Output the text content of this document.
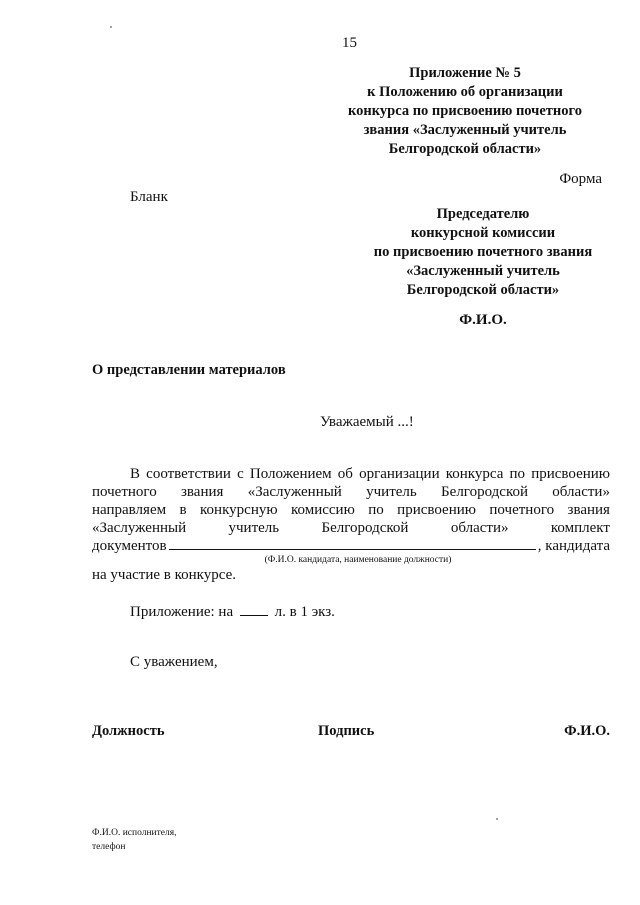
15
Приложение № 5
к Положению об организации
конкурса по присвоению почетного
звания «Заслуженный учитель
Белгородской области»
Форма
Бланк
Председателю
конкурсной комиссии
по присвоению почетного звания
«Заслуженный учитель
Белгородской области»
Ф.И.О.
О представлении материалов
Уважаемый ...!
В соответствии с Положением об организации конкурса по присвоению
почетного звания «Заслуженный учитель Белгородской области»
направляем в конкурсную комиссию по присвоению почетного звания
«Заслуженный	учитель	Белгородской	области»	комплект
документов	, кандидата
(Ф.И.О. кандидата, наименование должности)
на участие в конкурсе.
Приложение: на	л. в 1 экз.
С уважением,
Должность	Подпись	Ф.И.О.
Ф.И.О. исполнителя,
телефон
